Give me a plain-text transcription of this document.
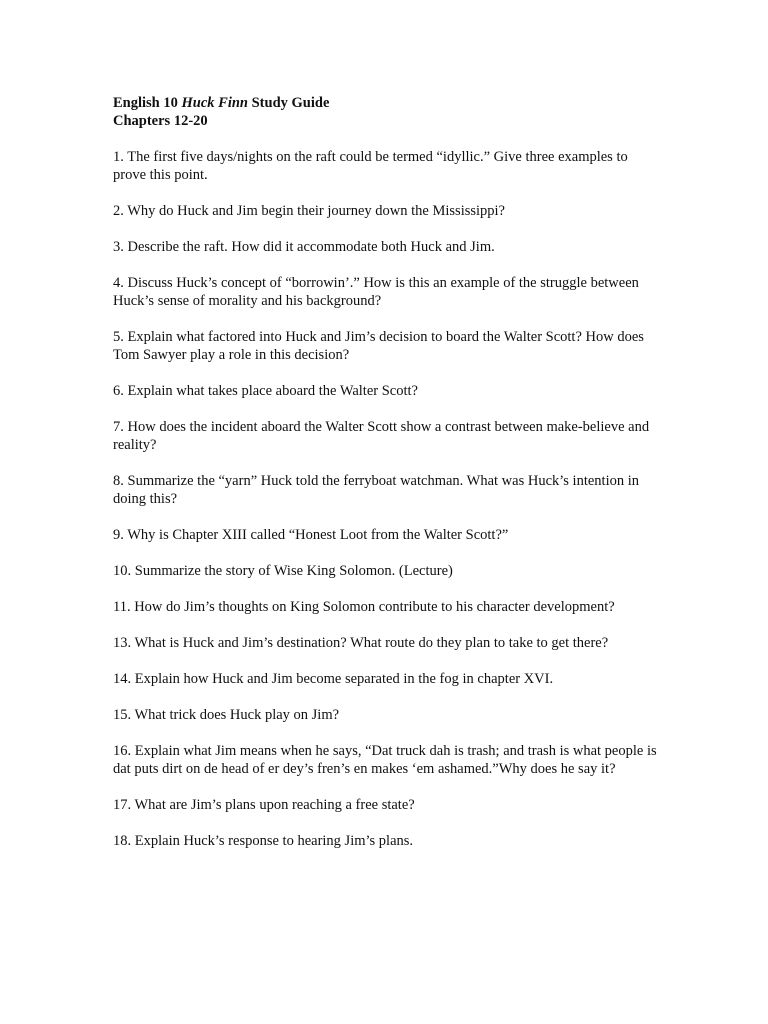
English 10 Huck Finn Study Guide

Chapters 12-20

1. The first five days/nights on the raft could be termed “idyllic.” Give three examples to prove this point.

2. Why do Huck and Jim begin their journey down the Mississippi?

3. Describe the raft. How did it accommodate both Huck and Jim.

4. Discuss Huck’s concept of “borrowin’.” How is this an example of the struggle between Huck’s sense of morality and his background?

5. Explain what factored into Huck and Jim’s decision to board the Walter Scott? How does Tom Sawyer play a role in this decision?

6. Explain what takes place aboard the Walter Scott?

7. How does the incident aboard the Walter Scott show a contrast between make-believe and reality?

8. Summarize the “yarn” Huck told the ferryboat watchman. What was Huck’s intention in doing this?

9. Why is Chapter XIII called “Honest Loot from the Walter Scott?”

10. Summarize the story of Wise King Solomon. (Lecture)

11. How do Jim’s thoughts on King Solomon contribute to his character development?

13. What is Huck and Jim’s destination? What route do they plan to take to get there?

14. Explain how Huck and Jim become separated in the fog in chapter XVI.

15. What trick does Huck play on Jim?

16. Explain what Jim means when he says, “Dat truck dah is trash; and trash is what people is dat puts dirt on de head of er dey’s fren’s en makes ‘em ashamed.”Why does he say it?

17. What are Jim’s plans upon reaching a free state?

18. Explain Huck’s response to hearing Jim’s plans.
